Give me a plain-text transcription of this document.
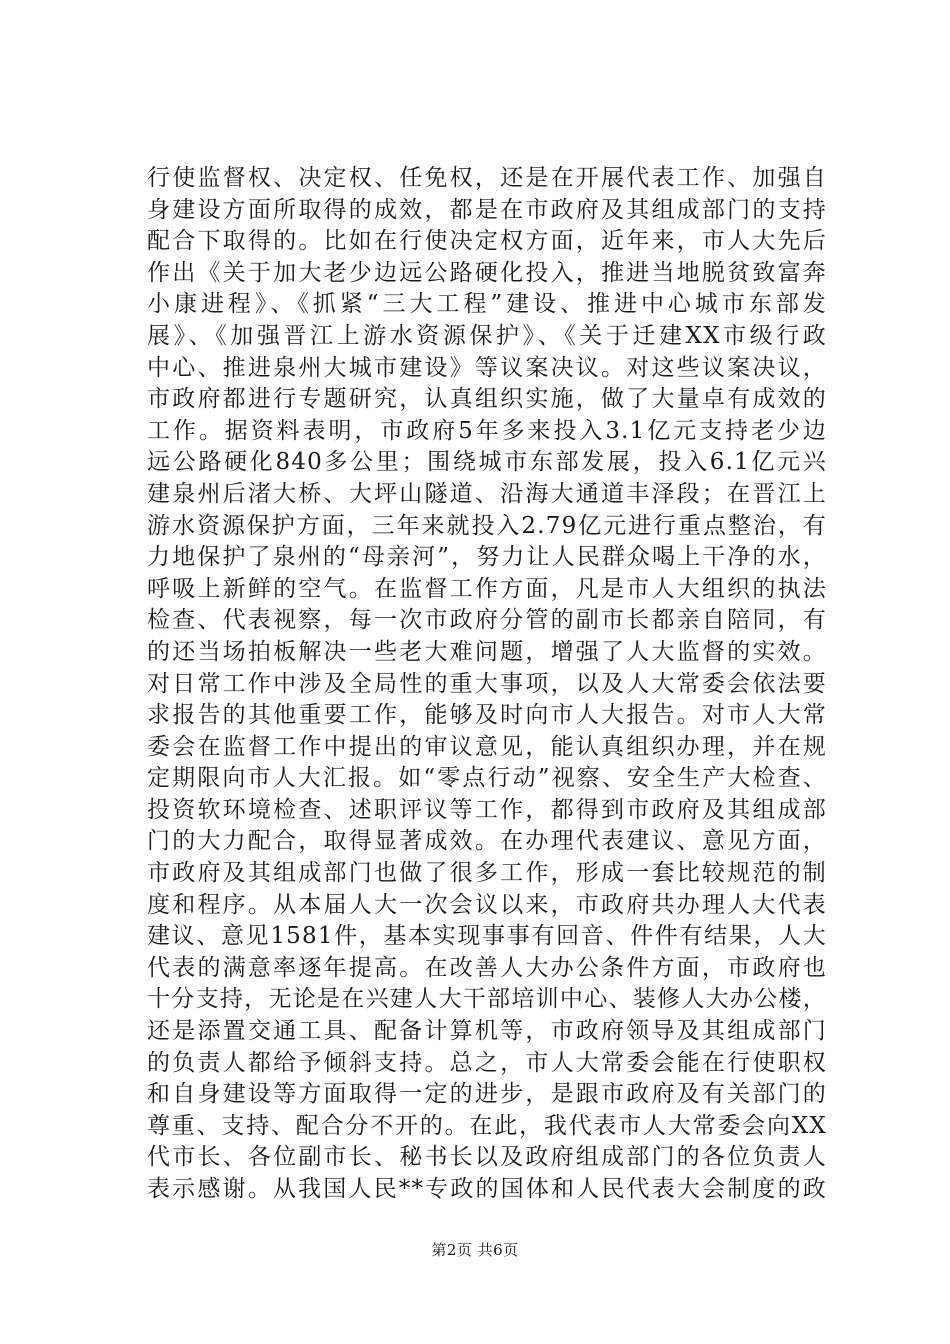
行使监督权、决定权、任免权，还是在开展代表工作、加强自
身建设方面所取得的成效，都是在市政府及其组成部门的支持
配合下取得的。比如在行使决定权方面，近年来，市人大先后
作出《关于加大老少边远公路硬化投入，推进当地脱贫致富奔
小康进程》、《抓紧“三大工程”建设、推进中心城市东部发
展》、《加强晋江上游水资源保护》、《关于迁建XX市级行政
中心、推进泉州大城市建设》等议案决议。对这些议案决议，
市政府都进行专题研究，认真组织实施，做了大量卓有成效的
工作。据资料表明，市政府5年多来投入3.1亿元支持老少边
远公路硬化840多公里；围绕城市东部发展，投入6.1亿元兴
建泉州后渚大桥、大坪山隧道、沿海大通道丰泽段；在晋江上
游水资源保护方面，三年来就投入2.79亿元进行重点整治，有
力地保护了泉州的“母亲河”，努力让人民群众喝上干净的水，
呼吸上新鲜的空气。在监督工作方面，凡是市人大组织的执法
检查、代表视察，每一次市政府分管的副市长都亲自陪同，有
的还当场拍板解决一些老大难问题，增强了人大监督的实效。
对日常工作中涉及全局性的重大事项，以及人大常委会依法要
求报告的其他重要工作，能够及时向市人大报告。对市人大常
委会在监督工作中提出的审议意见，能认真组织办理，并在规
定期限向市人大汇报。如“零点行动”视察、安全生产大检查、
投资软环境检查、述职评议等工作，都得到市政府及其组成部
门的大力配合，取得显著成效。在办理代表建议、意见方面，
市政府及其组成部门也做了很多工作，形成一套比较规范的制
度和程序。从本届人大一次会议以来，市政府共办理人大代表
建议、意见1581件，基本实现事事有回音、件件有结果，人大
代表的满意率逐年提高。在改善人大办公条件方面，市政府也
十分支持，无论是在兴建人大干部培训中心、装修人大办公楼，
还是添置交通工具、配备计算机等，市政府领导及其组成部门
的负责人都给予倾斜支持。总之，市人大常委会能在行使职权
和自身建设等方面取得一定的进步，是跟市政府及有关部门的
尊重、支持、配合分不开的。在此，我代表市人大常委会向XX
代市长、各位副市长、秘书长以及政府组成部门的各位负责人
表示感谢。从我国人民**专政的国体和人民代表大会制度的政
第2页 共6页
